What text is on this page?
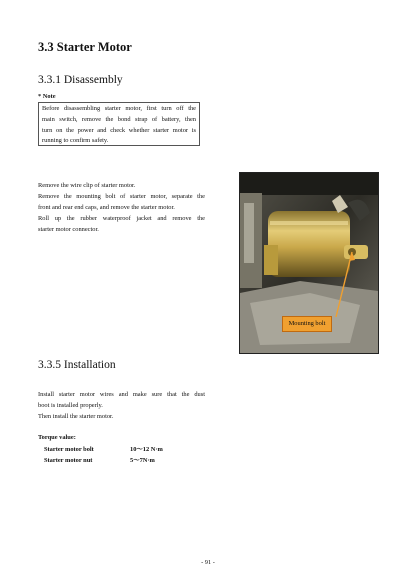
3.3 Starter Motor
3.3.1 Disassembly
* Note
Before disassembling starter motor, first turn off the
main switch, remove the bond strap of battery, then
turn on the power and check whether starter motor is
running to confirm safety.
Remove the wire clip of starter motor.
Remove the mounting bolt of starter motor, separate the
front and rear end caps, and remove the starter motor.
Roll up the rubber waterproof jacket and remove the
starter motor connector.
Mounting bolt
3.3.5 Installation
Install starter motor wires and make sure that the dust
boot is installed properly.
Then install the starter motor.
Torque value:
Starter motor bolt	10～12 N·m
Starter motor nut	5～7N·m
- 91 -
